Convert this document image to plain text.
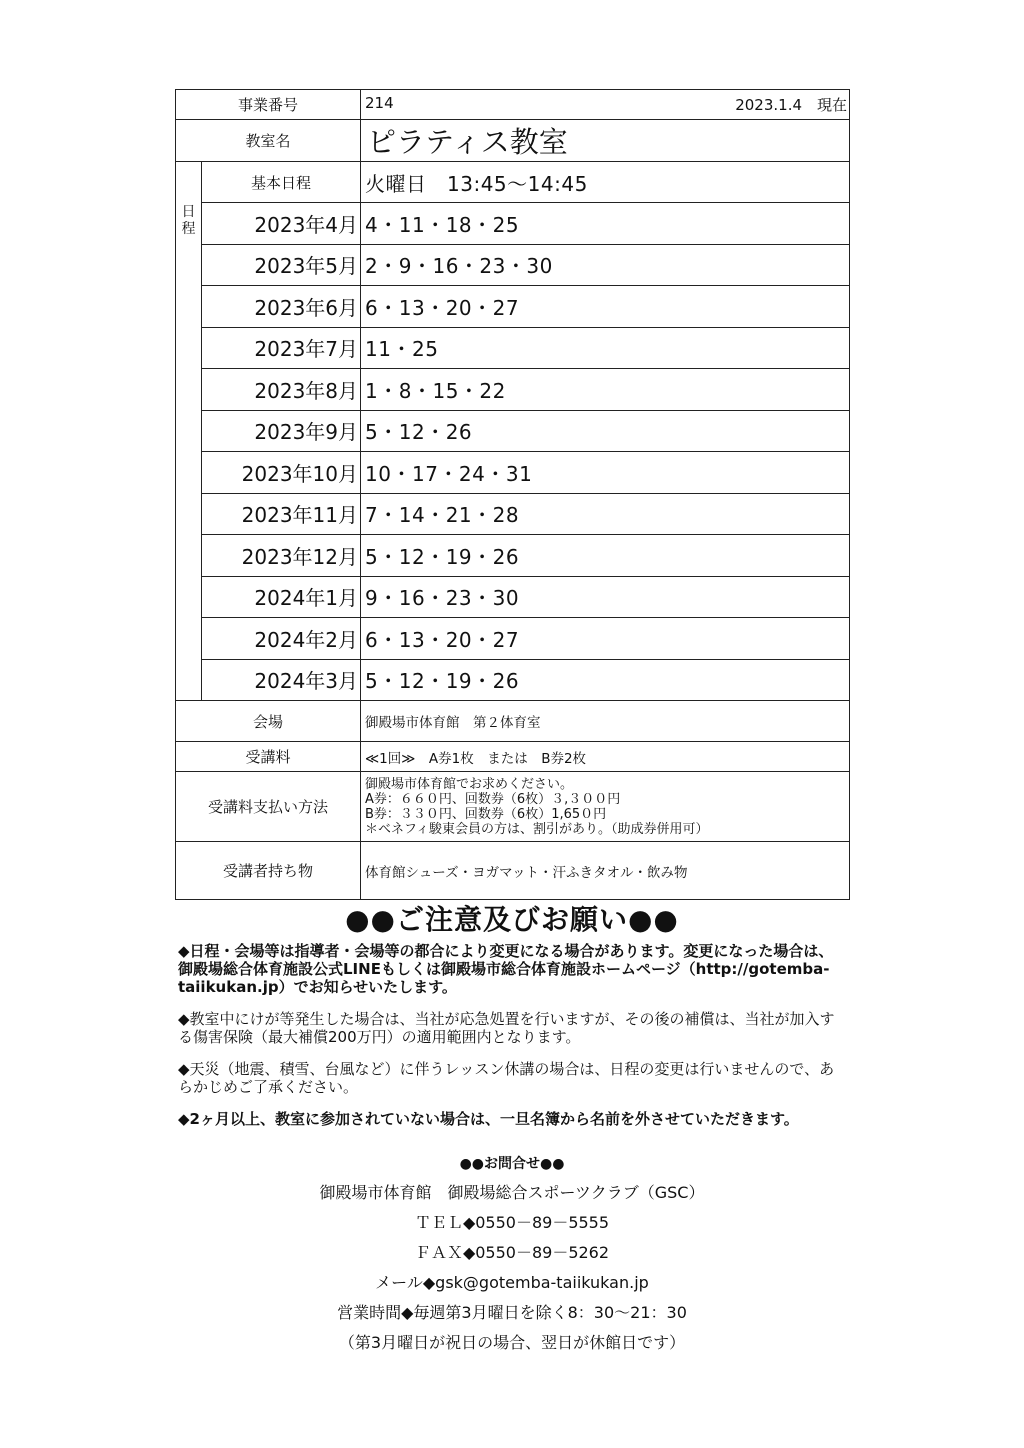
事業番号		214 2023.1.4　現在

教室名		ピラティス教室
日
程	基本日程	火曜日　13:45～14:45
	2023年4月	4・11・18・25
	2023年5月	2・9・16・23・30
	2023年6月	6・13・20・27
	2023年7月	11・25
	2023年8月	1・8・15・22
	2023年9月	5・12・26
	2023年10月	10・17・24・31
	2023年11月	7・14・21・28
	2023年12月	5・12・19・26
	2024年1月	9・16・23・30
	2024年2月	6・13・20・27
	2024年3月	5・12・19・26
会場		御殿場市体育館　第２体育室
受講料		≪1回≫　A券1枚　または　B券2枚
受講料支払い方法		御殿場市体育館でお求めください。
A券：６６０円、回数券（6枚）３,３００円
B券：３３０円、回数券（6枚）1,65０円
＊ベネフィ駿東会員の方は、割引があり。（助成券併用可）

受講者持ち物		体育館シューズ・ヨガマット・汗ふきタオル・飲み物
●●ご注意及びお願い●●

◆日程・会場等は指導者・会場等の都合により変更になる場合があります。変更になった場合は、御殿場総合体育施設公式LINEもしくは御殿場市総合体育施設ホームページ（http://gotemba-taiikukan.jp）でお知らせいたします。

◆教室中にけが等発生した場合は、当社が応急処置を行いますが、その後の補償は、当社が加入する傷害保険（最大補償200万円）の適用範囲内となります。

◆天災（地震、積雪、台風など）に伴うレッスン休講の場合は、日程の変更は行いませんので、あらかじめご了承ください。

◆2ヶ月以上、教室に参加されていない場合は、一旦名簿から名前を外させていただきます。

●●お問合せ●●
御殿場市体育館　御殿場総合スポーツクラブ（GSC）
ＴＥＬ◆0550－89－5555
ＦＡＸ◆0550－89－5262
メール◆gsk@gotemba-taiikukan.jp
営業時間◆毎週第3月曜日を除く8：30～21：30
（第3月曜日が祝日の場合、翌日が休館日です）
